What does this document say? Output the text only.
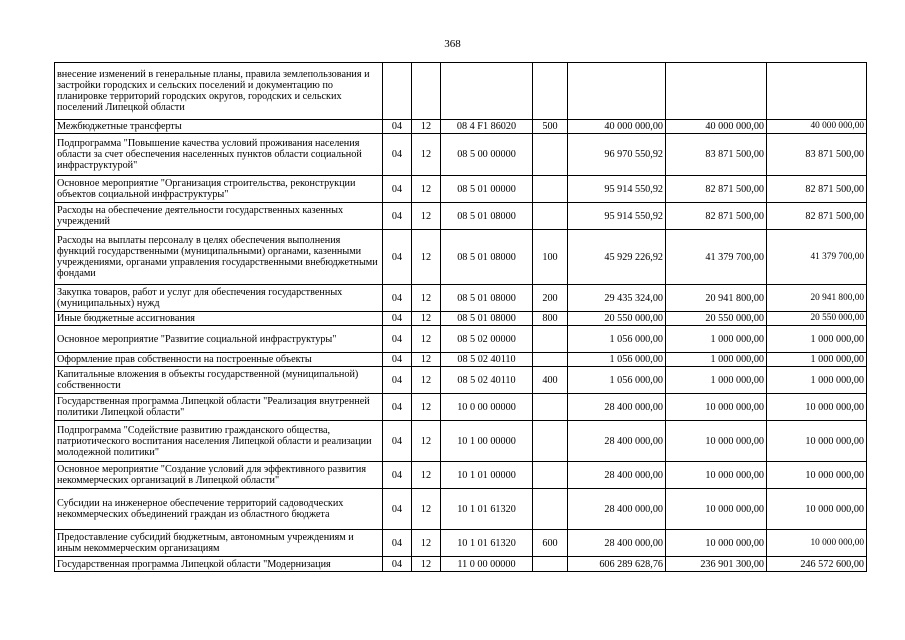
368
внесение изменений в генеральные планы, правила землепользования и застройки городских и сельских поселений и документацию по планировке территорий городских округов, городских и сельских поселений Липецкой области							
Межбюджетные трансферты	04	12	08 4 F1 86020	500	40 000 000,00	40 000 000,00	40 000 000,00
Подпрограмма "Повышение качества условий проживания населения области за счет обеспечения населенных пунктов области социальной инфраструктурой"	04	12	08 5 00 00000		96 970 550,92	83 871 500,00	83 871 500,00
Основное мероприятие "Организация строительства, реконструкции объектов социальной инфраструктуры"	04	12	08 5 01 00000		95 914 550,92	82 871 500,00	82 871 500,00
Расходы на обеспечение деятельности государственных казенных учреждений	04	12	08 5 01 08000		95 914 550,92	82 871 500,00	82 871 500,00
Расходы на выплаты персоналу в целях обеспечения выполнения функций государственными (муниципальными) органами, казенными учреждениями, органами управления государственными внебюджетными фондами	04	12	08 5 01 08000	100	45 929 226,92	41 379 700,00	41 379 700,00
Закупка товаров, работ и услуг для обеспечения государственных (муниципальных) нужд	04	12	08 5 01 08000	200	29 435 324,00	20 941 800,00	20 941 800,00
Иные бюджетные ассигнования	04	12	08 5 01 08000	800	20 550 000,00	20 550 000,00	20 550 000,00
Основное мероприятие "Развитие социальной инфраструктуры"	04	12	08 5 02 00000		1 056 000,00	1 000 000,00	1 000 000,00
Оформление прав собственности на построенные объекты	04	12	08 5 02 40110		1 056 000,00	1 000 000,00	1 000 000,00
Капитальные вложения в объекты государственной (муниципальной) собственности	04	12	08 5 02 40110	400	1 056 000,00	1 000 000,00	1 000 000,00
Государственная программа Липецкой области "Реализация внутренней политики Липецкой области"	04	12	10 0 00 00000		28 400 000,00	10 000 000,00	10 000 000,00
Подпрограмма "Содействие развитию гражданского общества, патриотического воспитания населения Липецкой области и реализации молодежной политики"	04	12	10 1 00 00000		28 400 000,00	10 000 000,00	10 000 000,00
Основное мероприятие "Создание условий для эффективного развития некоммерческих организаций в Липецкой области"	04	12	10 1 01 00000		28 400 000,00	10 000 000,00	10 000 000,00
Субсидии на инженерное обеспечение территорий садоводческих некоммерческих объединений граждан из областного бюджета	04	12	10 1 01 61320		28 400 000,00	10 000 000,00	10 000 000,00
Предоставление субсидий бюджетным, автономным учреждениям и иным некоммерческим организациям	04	12	10 1 01 61320	600	28 400 000,00	10 000 000,00	10 000 000,00
Государственная программа Липецкой области "Модернизация	04	12	11 0 00 00000		606 289 628,76	236 901 300,00	246 572 600,00
